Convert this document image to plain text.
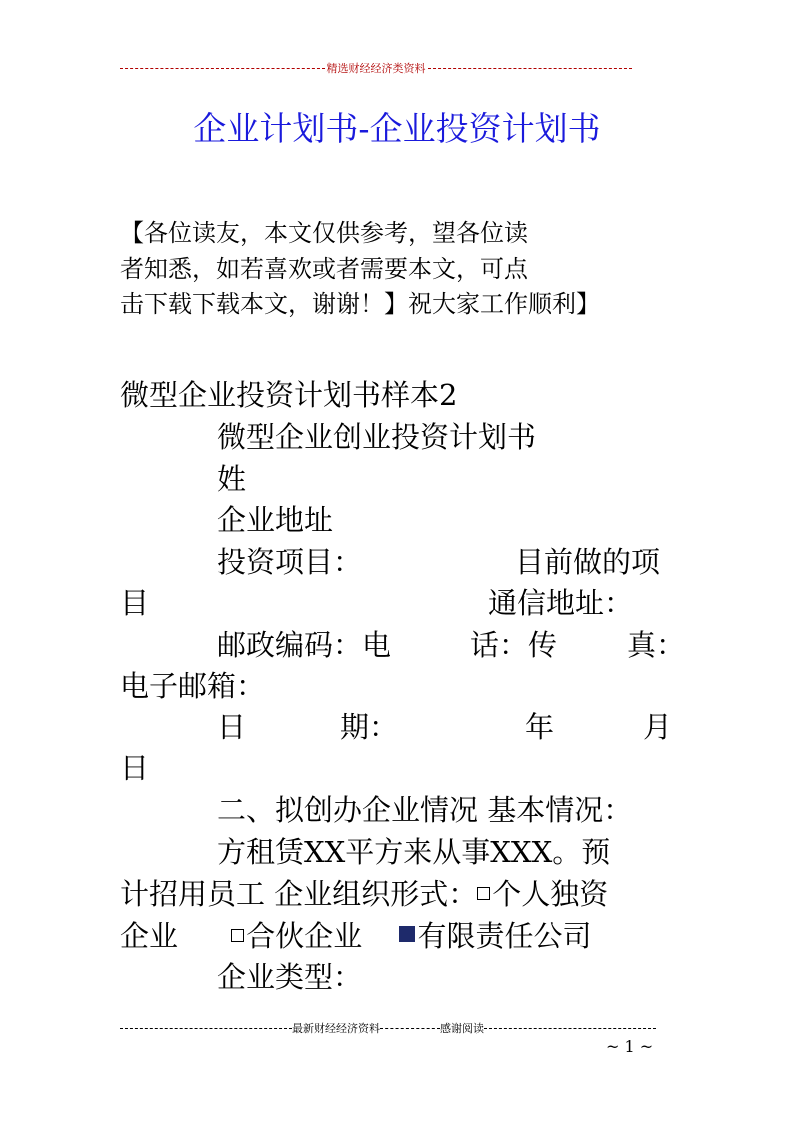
精选财经经济类资料
企业计划书-企业投资计划书
【各位读友，本文仅供参考，望各位读
者知悉，如若喜欢或者需要本文，可点
击下载下载本文，谢谢！】祝大家工作顺利】
微型企业投资计划书样本2
微型企业创业投资计划书
姓
企业地址
投资项目：	目前做的项
目	通信地址：
邮政编码：电	话：传 真：
电子邮箱：
日	期：	年	月
日
二、拟创办企业情况 基本情况：
方租赁XX平方来从事XXX。预
计招用员工 企业组织形式： 个人独资
企业 合伙企业 有限责任公司
企业类型：
最新财经经济资料	感谢阅读
~ 1 ~
